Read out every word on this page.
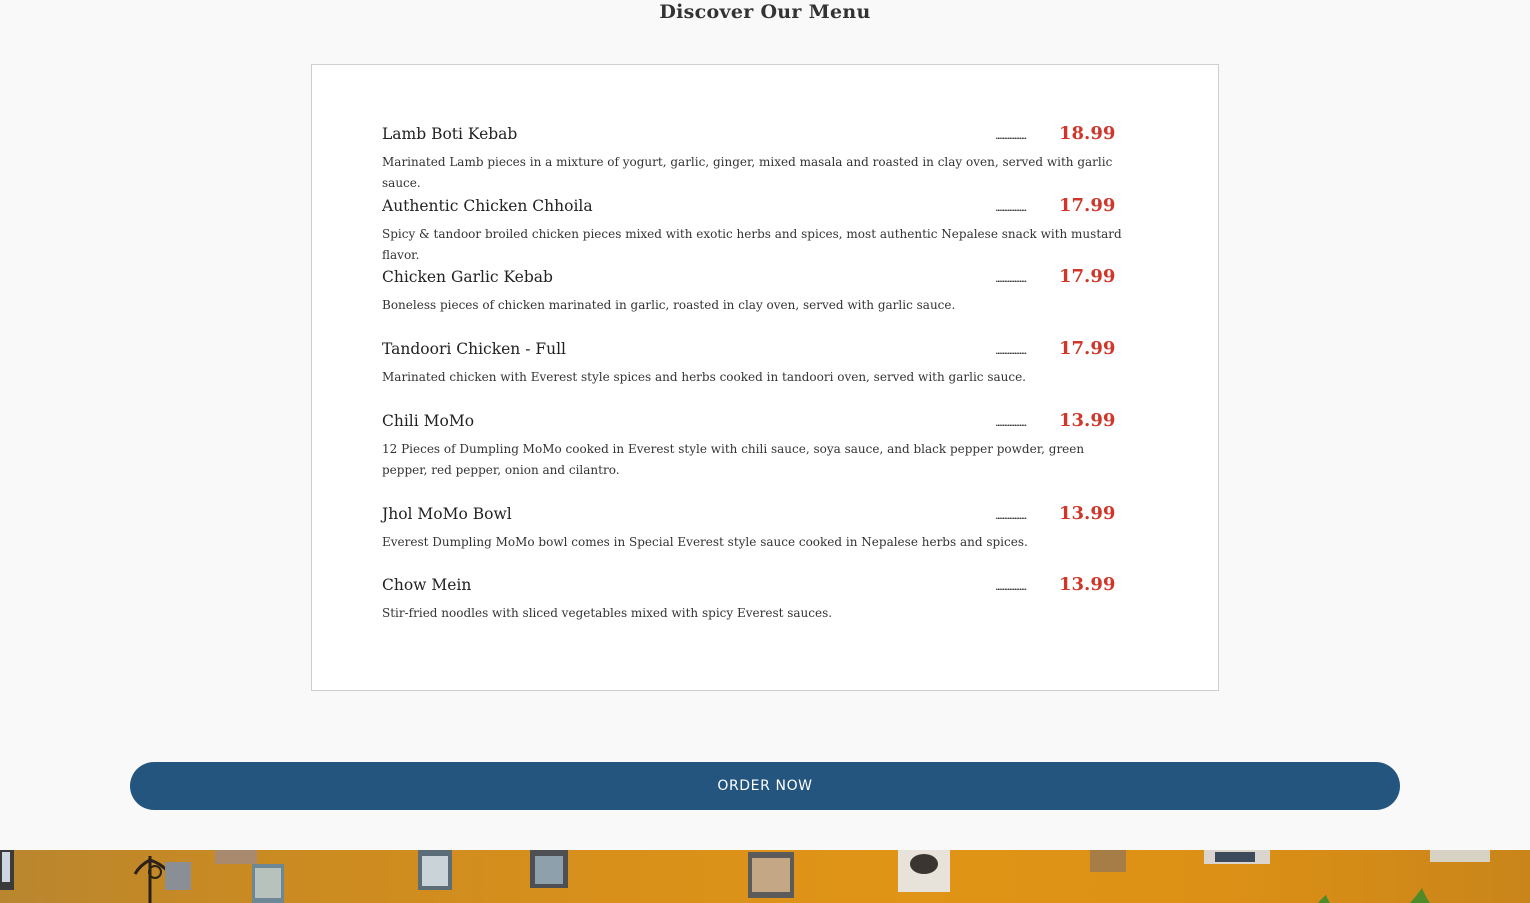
Discover Our Menu
Lamb Boti Kebab	..................	18.99
Marinated Lamb pieces in a mixture of yogurt, garlic, ginger, mixed masala and roasted in clay oven, served with garlic sauce.
Authentic Chicken Chhoila	..................	17.99
Spicy & tandoor broiled chicken pieces mixed with exotic herbs and spices, most authentic Nepalese snack with mustard flavor.
Chicken Garlic Kebab	..................	17.99
Boneless pieces of chicken marinated in garlic, roasted in clay oven, served with garlic sauce.
Tandoori Chicken - Full	..................	17.99
Marinated chicken with Everest style spices and herbs cooked in tandoori oven, served with garlic sauce.
Chili MoMo	..................	13.99
12 Pieces of Dumpling MoMo cooked in Everest style with chili sauce, soya sauce, and black pepper powder, green pepper, red pepper, onion and cilantro.
Jhol MoMo Bowl	..................	13.99
Everest Dumpling MoMo bowl comes in Special Everest style sauce cooked in Nepalese herbs and spices.
Chow Mein	..................	13.99
Stir-fried noodles with sliced vegetables mixed with spicy Everest sauces.
ORDER NOW
